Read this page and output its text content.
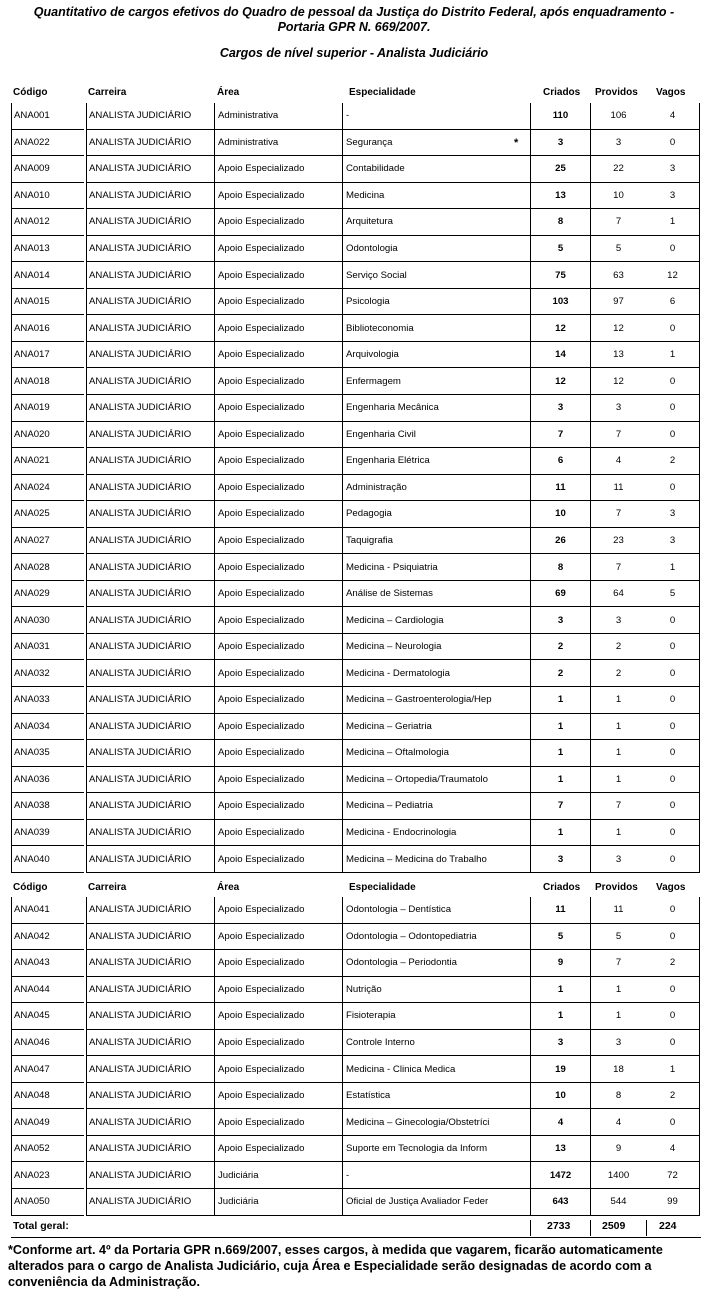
Quantitativo de cargos efetivos do Quadro de pessoal da Justiça do Distrito Federal, após enquadramento -
Portaria GPR N. 669/2007.
Cargos de nível superior - Analista Judiciário
Código	Carreira	Área	Especialidade	Criados Providos Vagos
ANA001	ANALISTA JUDICIÁRIO	Administrativa	-	110	106	4
ANA022	ANALISTA JUDICIÁRIO	Administrativa	Segurança	*	3	3	0
ANA009	ANALISTA JUDICIÁRIO	Apoio Especializado	Contabilidade	25	22	3
ANA010	ANALISTA JUDICIÁRIO	Apoio Especializado	Medicina	13	10	3
ANA012	ANALISTA JUDICIÁRIO	Apoio Especializado	Arquitetura	8	7	1
ANA013	ANALISTA JUDICIÁRIO	Apoio Especializado	Odontologia	5	5	0
ANA014	ANALISTA JUDICIÁRIO	Apoio Especializado	Serviço Social	75	63	12
ANA015	ANALISTA JUDICIÁRIO	Apoio Especializado	Psicologia	103	97	6
ANA016	ANALISTA JUDICIÁRIO	Apoio Especializado	Biblioteconomia	12	12	0
ANA017	ANALISTA JUDICIÁRIO	Apoio Especializado	Arquivologia	14	13	1
ANA018	ANALISTA JUDICIÁRIO	Apoio Especializado	Enfermagem	12	12	0
ANA019	ANALISTA JUDICIÁRIO	Apoio Especializado	Engenharia Mecânica	3	3	0
ANA020	ANALISTA JUDICIÁRIO	Apoio Especializado	Engenharia Civil	7	7	0
ANA021	ANALISTA JUDICIÁRIO	Apoio Especializado	Engenharia Elétrica	6	4	2
ANA024	ANALISTA JUDICIÁRIO	Apoio Especializado	Administração	11	11	0
ANA025	ANALISTA JUDICIÁRIO	Apoio Especializado	Pedagogia	10	7	3
ANA027	ANALISTA JUDICIÁRIO	Apoio Especializado	Taquigrafia	26	23	3
ANA028	ANALISTA JUDICIÁRIO	Apoio Especializado	Medicina - Psiquiatria	8	7	1
ANA029	ANALISTA JUDICIÁRIO	Apoio Especializado	Análise de Sistemas	69	64	5
ANA030	ANALISTA JUDICIÁRIO	Apoio Especializado	Medicina – Cardiologia	3	3	0
ANA031	ANALISTA JUDICIÁRIO	Apoio Especializado	Medicina – Neurologia	2	2	0
ANA032	ANALISTA JUDICIÁRIO	Apoio Especializado	Medicina - Dermatologia	2	2	0
ANA033	ANALISTA JUDICIÁRIO	Apoio Especializado	Medicina – Gastroenterologia/Hep	1	1	0
ANA034	ANALISTA JUDICIÁRIO	Apoio Especializado	Medicina – Geriatria	1	1	0
ANA035	ANALISTA JUDICIÁRIO	Apoio Especializado	Medicina – Oftalmologia	1	1	0
ANA036	ANALISTA JUDICIÁRIO	Apoio Especializado	Medicina – Ortopedia/Traumatolo	1	1	0
ANA038	ANALISTA JUDICIÁRIO	Apoio Especializado	Medicina – Pediatria	7	7	0
ANA039	ANALISTA JUDICIÁRIO	Apoio Especializado	Medicina - Endocrinologia	1	1	0
ANA040	ANALISTA JUDICIÁRIO	Apoio Especializado	Medicina – Medicina do Trabalho	3	3	0
Código	Carreira	Área	Especialidade	Criados Providos Vagos
ANA041	ANALISTA JUDICIÁRIO	Apoio Especializado	Odontologia – Dentística	11	11	0
ANA042	ANALISTA JUDICIÁRIO	Apoio Especializado	Odontologia – Odontopediatria	5	5	0
ANA043	ANALISTA JUDICIÁRIO	Apoio Especializado	Odontologia – Periodontia	9	7	2
ANA044	ANALISTA JUDICIÁRIO	Apoio Especializado	Nutrição	1	1	0
ANA045	ANALISTA JUDICIÁRIO	Apoio Especializado	Fisioterapia	1	1	0
ANA046	ANALISTA JUDICIÁRIO	Apoio Especializado	Controle Interno	3	3	0
ANA047	ANALISTA JUDICIÁRIO	Apoio Especializado	Medicina - Clinica Medica	19	18	1
ANA048	ANALISTA JUDICIÁRIO	Apoio Especializado	Estatística	10	8	2
ANA049	ANALISTA JUDICIÁRIO	Apoio Especializado	Medicina – Ginecologia/Obstetríci	4	4	0
ANA052	ANALISTA JUDICIÁRIO	Apoio Especializado	Suporte em Tecnologia da Inform	13	9	4
ANA023	ANALISTA JUDICIÁRIO	Judiciária	-	1472	1400	72
ANA050	ANALISTA JUDICIÁRIO	Judiciária	Oficial de Justiça Avaliador Feder	643	544	99
Total geral:	2733	2509	224
*Conforme art. 4º da Portaria GPR n.669/2007, esses cargos, à medida que vagarem, ficarão automaticamente alterados para o cargo de Analista Judiciário, cuja Área e Especialidade serão designadas de acordo com a conveniência da Administração.
